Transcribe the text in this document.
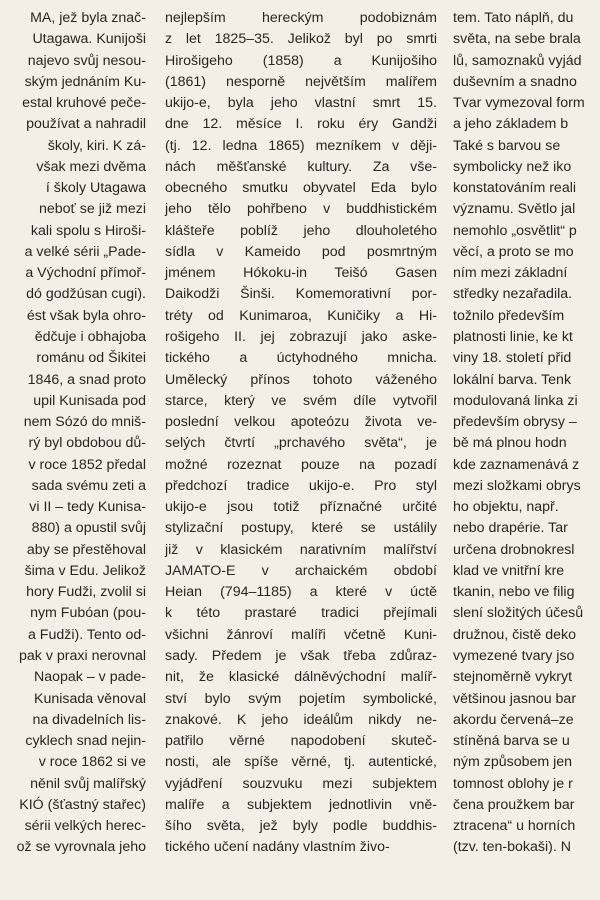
MA, jež byla znač-
Utagawa. Kunijoši
najevo svůj nesou-
ským jednáním Ku-
estal kruhové peče-
používat a nahradil
školy, kiri. K zá-
však mezi dvěma
í školy Utagawa
neboť se již mezi
kali spolu s Hiroši-
a velké sérii „Pade-
a Východní přímoř-
dó godžúsan cugi).
ést však byla ohro-
ědčuje i obhajoba
románu od Šikitei
1846, a snad proto
upil Kunisada pod
nem Sózó do mniš-
rý byl obdobou dů-
v roce 1852 předal
sada svému zeti a
vi II – tedy Kunisa-
880) a opustil svůj
aby se přestěhoval
šima v Edu. Jelikož
hory Fudži, zvolil si
nym Fubóan (pou-
a Fudži). Tento od-
pak v praxi nerovnal
Naopak – v pade-
Kunisada věnoval
na divadelních lis-
cyklech snad nejin-
v roce 1862 si ve
něnil svůj malířský
KIÓ (šťastný stařec)
sérii velkých herec-
ož se vyrovnala jeho
nejlepším hereckým podobiznám
z let 1825–35. Jelikož byl po smrti
Hirošigeho (1858) a Kunijošiho
(1861) nesporně největším malířem
ukijo-e, byla jeho vlastní smrt 15.
dne 12. měsíce I. roku éry Gandži
(tj. 12. ledna 1865) mezníkem v ději-
nách měšťanské kultury. Za vše-
obecného smutku obyvatel Eda bylo
jeho tělo pohřbeno v buddhistickém
klášteře poblíž jeho dlouholetého
sídla v Kameido pod posmrtným
jménem Hókoku-in Teišó Gasen
Daikodži Šinši. Komemorativní por-
tréty od Kunimaroa, Kuničiky a Hi-
rošigeho II. jej zobrazují jako aske-
tického a úctyhodného mnicha.
Umělecký přínos tohoto váženého
starce, který ve svém díle vytvořil
poslední velkou apoteózu života ve-
selých čtvrtí „prchavého světa“, je
možné rozeznat pouze na pozadí
předchozí tradice ukijo-e. Pro styl
ukijo-e jsou totiž příznačné určité
stylizační postupy, které se ustálily
již v klasickém narativním malířství
JAMATO-E v archaickém období
Heian (794–1185) a které v úctě
k této prastaré tradici přejímali
všichni žánroví malíři včetně Kuni-
sady. Předem je však třeba zdůraz-
nit, že klasické dálněvýchodní malíř-
ství bylo svým pojetím symbolické,
znakové. K jeho ideálům nikdy ne-
patřilo věrné napodobení skuteč-
nosti, ale spíše věrné, tj. autentické,
vyjádření souzvuku mezi subjektem
malíře a subjektem jednotlivin vně-
šího světa, jež byly podle buddhis-
tického učení nadány vlastním živo-
tem. Tato náplň, du
světa, na sebe brala
lů, samoznaků vyjád
duševním a snadno
Tvar vymezoval form
a jeho základem b
Také s barvou se
symbolicky než iko
konstatováním reali
významu. Světlo jal
nemohlo „osvětlit“ p
věcí, a proto se mo
ním mezi základní
středky nezařadila.
tožnilo především
platnosti linie, ke kt
viny 18. století přid
lokální barva. Tenk
modulovaná linka zi
především obrysy –
bě má plnou hodn
kde zaznamenává z
mezi složkami obrys
ho objektu, např.
nebo drapérie. Tar
určena drobnokresl
klad ve vnitřní kre
tkanin, nebo ve filig
slení složitých účesů
družnou, čistě deko
vymezené tvary jso
stejnoměrně vykryt
většinou jasnou bar
akordu červená–ze
stíněná barva se u
ným způsobem jen
tomnost oblohy je r
čena proužkem bar
ztracena“ u horních
(tzv. ten-bokaši). N
